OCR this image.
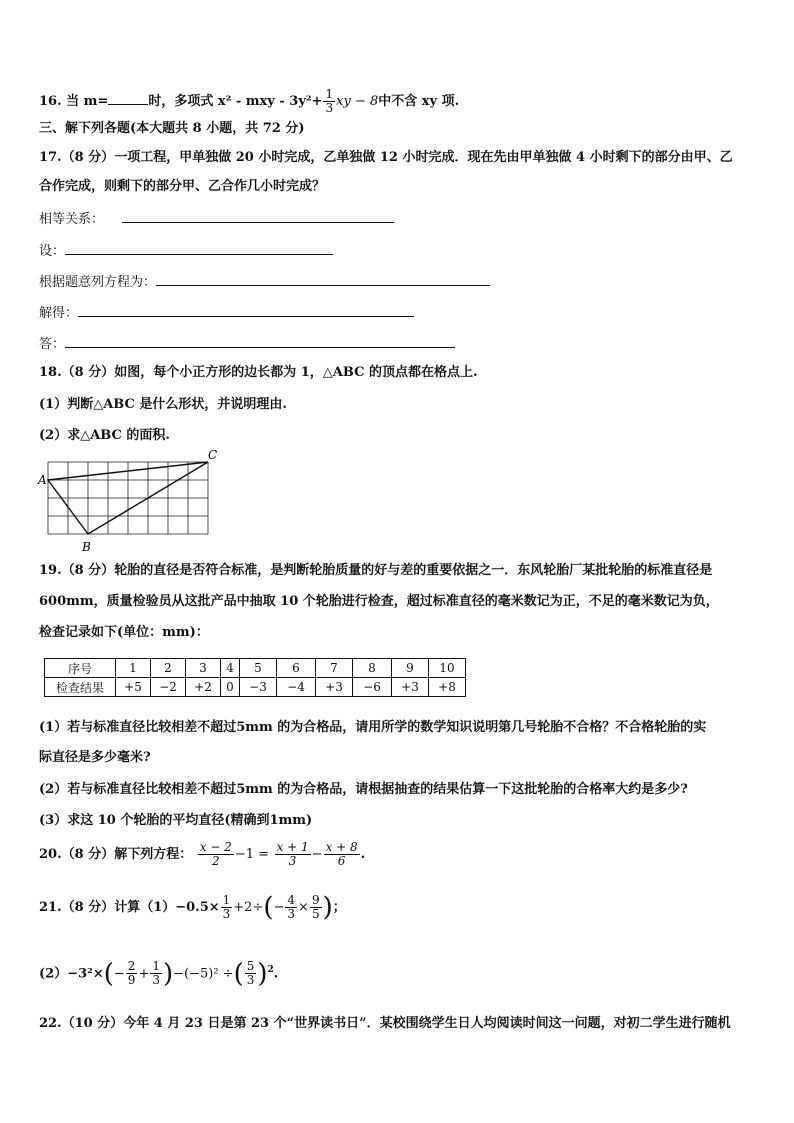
16. 当 m=	时，多项式 x² - mxy - $3y^2+ \frac{1}{3}$ xy − 8中不含 xy 项.
三、解下列各题(本大题共 8 小题，共 72 分)
17.（8 分）一项工程，甲单独做 20 小时完成，乙单独做 12 小时完成．现在先由甲单独做 4 小时剩下的部分由甲、乙
合作完成，则剩下的部分甲、乙合作几小时完成？
相等关系：
设：
根据题意列方程为：
解得：
答：
18.（8 分）如图，每个小正方形的边长都为 1，△ABC 的顶点都在格点上.
(1）判断△ABC 是什么形状，并说明理由.
(2）求△ABC 的面积.
A
B
C
19.（8 分）轮胎的直径是否符合标准，是判断轮胎质量的好与差的重要依据之一．东风轮胎厂某批轮胎的标准直径是
600mm，质量检验员从这批产品中抽取 10 个轮胎进行检查，超过标准直径的毫米数记为正，不足的毫米数记为负，
检查记录如下(单位：mm)：
序号	1	2	3	4	5	6	7	8	9	10
检查结果	+5	−2	+2	0	−3	−4	+3	−6	+3	+8
(1）若与标准直径比较相差不超过5mm 的为合格品，请用所学的数学知识说明第几号轮胎不合格？不合格轮胎的实
际直径是多少毫米?
(2）若与标准直径比较相差不超过5mm 的为合格品，请根据抽查的结果估算一下这批轮胎的合格率大约是多少?
(3）求这 10 个轮胎的平均直径(精确到1mm)
20.（8 分）解下列方程： $\frac{x - 2}{2} -1 = \frac{x + 1}{3} - \frac{x + 8}{6}$ .
21.（8 分）计算$(1)-0.5\times \frac{1}{3} +2\div(- \frac{4}{3} \times \frac{9}{5}$ )；
$(2)-3^2\times(- \frac{2}{9} + \frac{1}{3} )-(-5)^2$ ÷( $\frac{5}{3} )^2$.
22.（10 分）今年 4 月 23 日是第 23 个“世界读书日”．某校围绕学生日人均阅读时间这一问题，对初二学生进行随机
